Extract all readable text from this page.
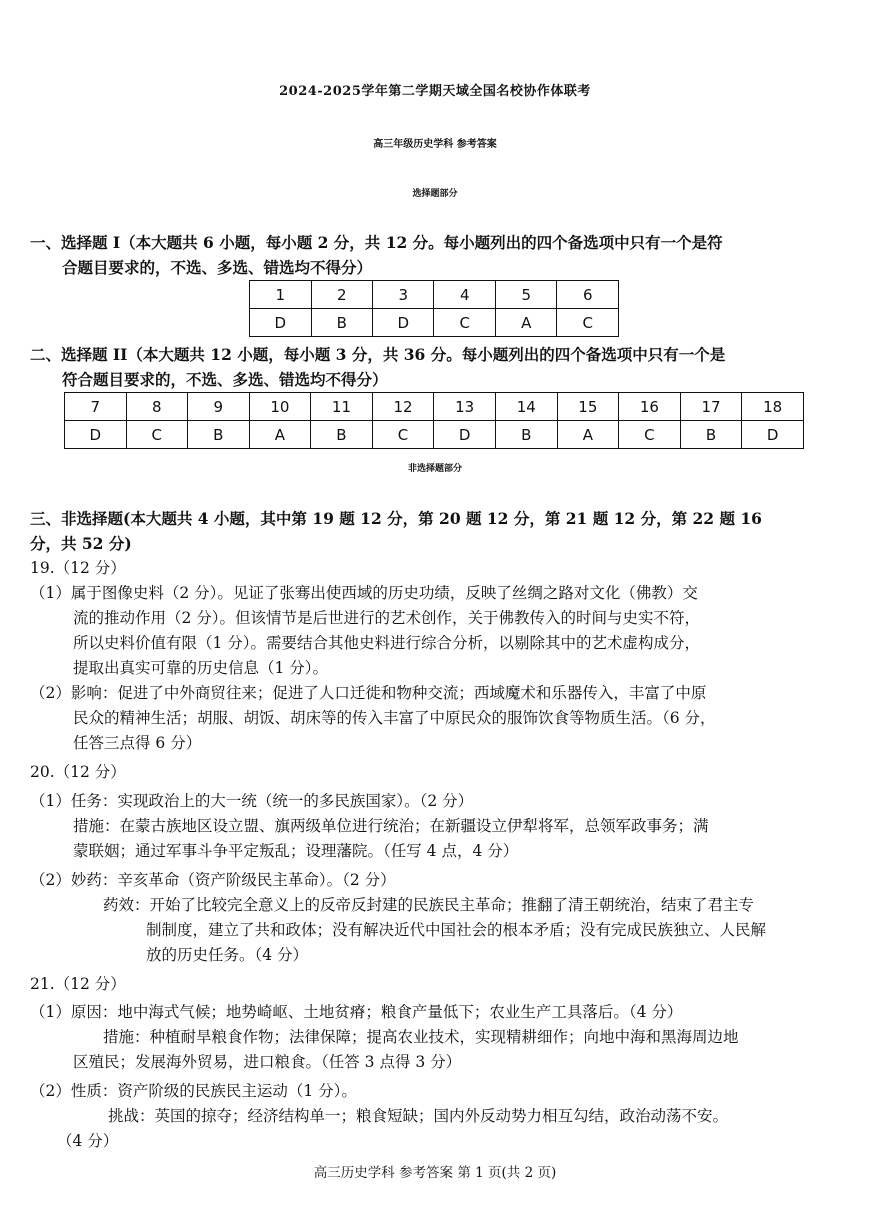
2024-2025学年第二学期天域全国名校协作体联考
高三年级历史学科 参考答案
选择题部分

一、选择题 I（本大题共 6 小题，每小题 2 分，共 12 分。每小题列出的四个备选项中只有一个是符

合题目要求的，不选、多选、错选均不得分）

1	2	3	4	5	6
D	B	D	C	A	C

二、选择题 II（本大题共 12 小题，每小题 3 分，共 36 分。每小题列出的四个备选项中只有一个是

符合题目要求的，不选、多选、错选均不得分）

7	8	9	10	11	12	13	14	15	16	17	18
D	C	B	A	B	C	D	B	A	C	B	D
非选择题部分

三、非选择题(本大题共 4 小题，其中第 19 题 12 分，第 20 题 12 分，第 21 题 12 分，第 22 题 16

分，共 52 分)

19.（12 分）

（1）属于图像史料（2 分）。见证了张骞出使西域的历史功绩，反映了丝绸之路对文化（佛教）交

流的推动作用（2 分）。但该情节是后世进行的艺术创作，关于佛教传入的时间与史实不符，

所以史料价值有限（1 分）。需要结合其他史料进行综合分析，以剔除其中的艺术虚构成分，

提取出真实可靠的历史信息（1 分）。

（2）影响：促进了中外商贸往来；促进了人口迁徙和物种交流；西域魔术和乐器传入，丰富了中原

民众的精神生活；胡服、胡饭、胡床等的传入丰富了中原民众的服饰饮食等物质生活。（6 分，

任答三点得 6 分）

20.（12 分）

（1）任务：实现政治上的大一统（统一的多民族国家）。（2 分）

措施：在蒙古族地区设立盟、旗两级单位进行统治；在新疆设立伊犁将军，总领军政事务；满

蒙联姻；通过军事斗争平定叛乱；设理藩院。（任写 4 点，4 分）

（2）妙药：辛亥革命（资产阶级民主革命）。（2 分）

药效：开始了比较完全意义上的反帝反封建的民族民主革命；推翻了清王朝统治，结束了君主专

制制度，建立了共和政体；没有解决近代中国社会的根本矛盾；没有完成民族独立、人民解

放的历史任务。（4 分）

21.（12 分）

（1）原因：地中海式气候；地势崎岖、土地贫瘠；粮食产量低下；农业生产工具落后。（4 分）

措施：种植耐旱粮食作物；法律保障；提高农业技术，实现精耕细作；向地中海和黑海周边地

区殖民；发展海外贸易，进口粮食。（任答 3 点得 3 分）

（2）性质：资产阶级的民族民主运动（1 分）。

挑战：英国的掠夺；经济结构单一；粮食短缺；国内外反动势力相互勾结，政治动荡不安。

（4 分）

高三历史学科 参考答案 第 1 页(共 2 页)
